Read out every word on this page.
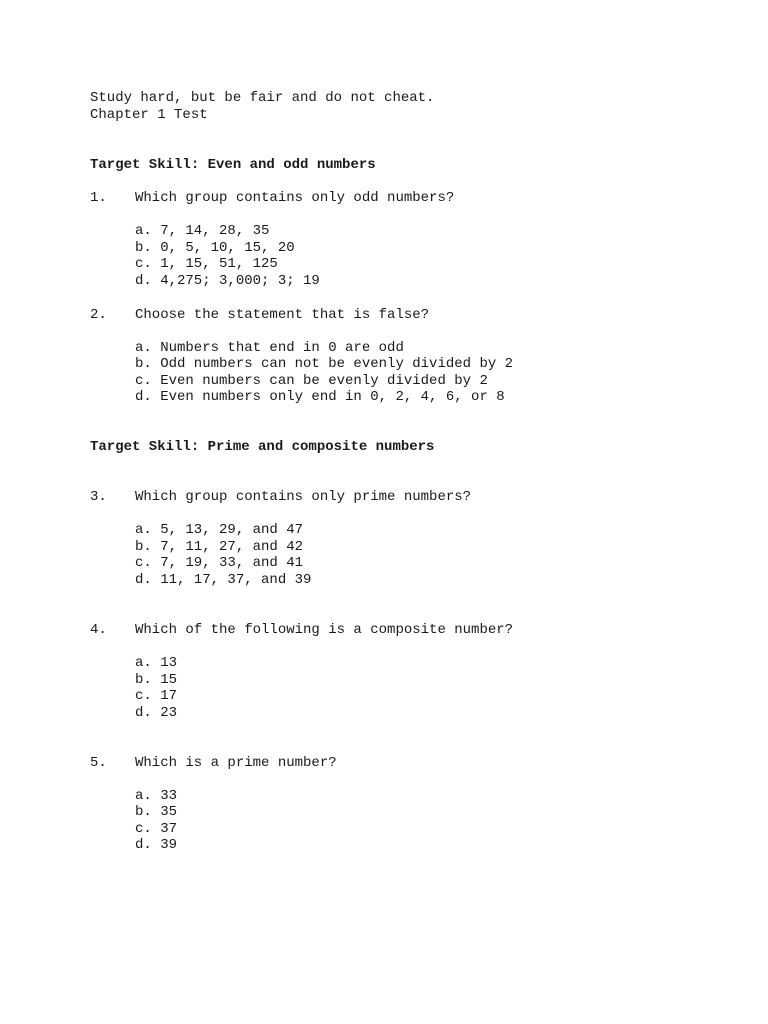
Study hard, but be fair and do not cheat.
Chapter 1 Test
Target Skill: Even and odd numbers
1. Which group contains only odd numbers?
a. 7, 14, 28, 35
b. 0, 5, 10, 15, 20
c. 1, 15, 51, 125
d. 4,275; 3,000; 3; 19
2. Choose the statement that is false?
a. Numbers that end in 0 are odd
b. Odd numbers can not be evenly divided by 2
c. Even numbers can be evenly divided by 2
d. Even numbers only end in 0, 2, 4, 6, or 8
Target Skill: Prime and composite numbers
3. Which group contains only prime numbers?
a. 5, 13, 29, and 47
b. 7, 11, 27, and 42
c. 7, 19, 33, and 41
d. 11, 17, 37, and 39
4. Which of the following is a composite number?
a. 13
b. 15
c. 17
d. 23
5. Which is a prime number?
a. 33
b. 35
c. 37
d. 39
